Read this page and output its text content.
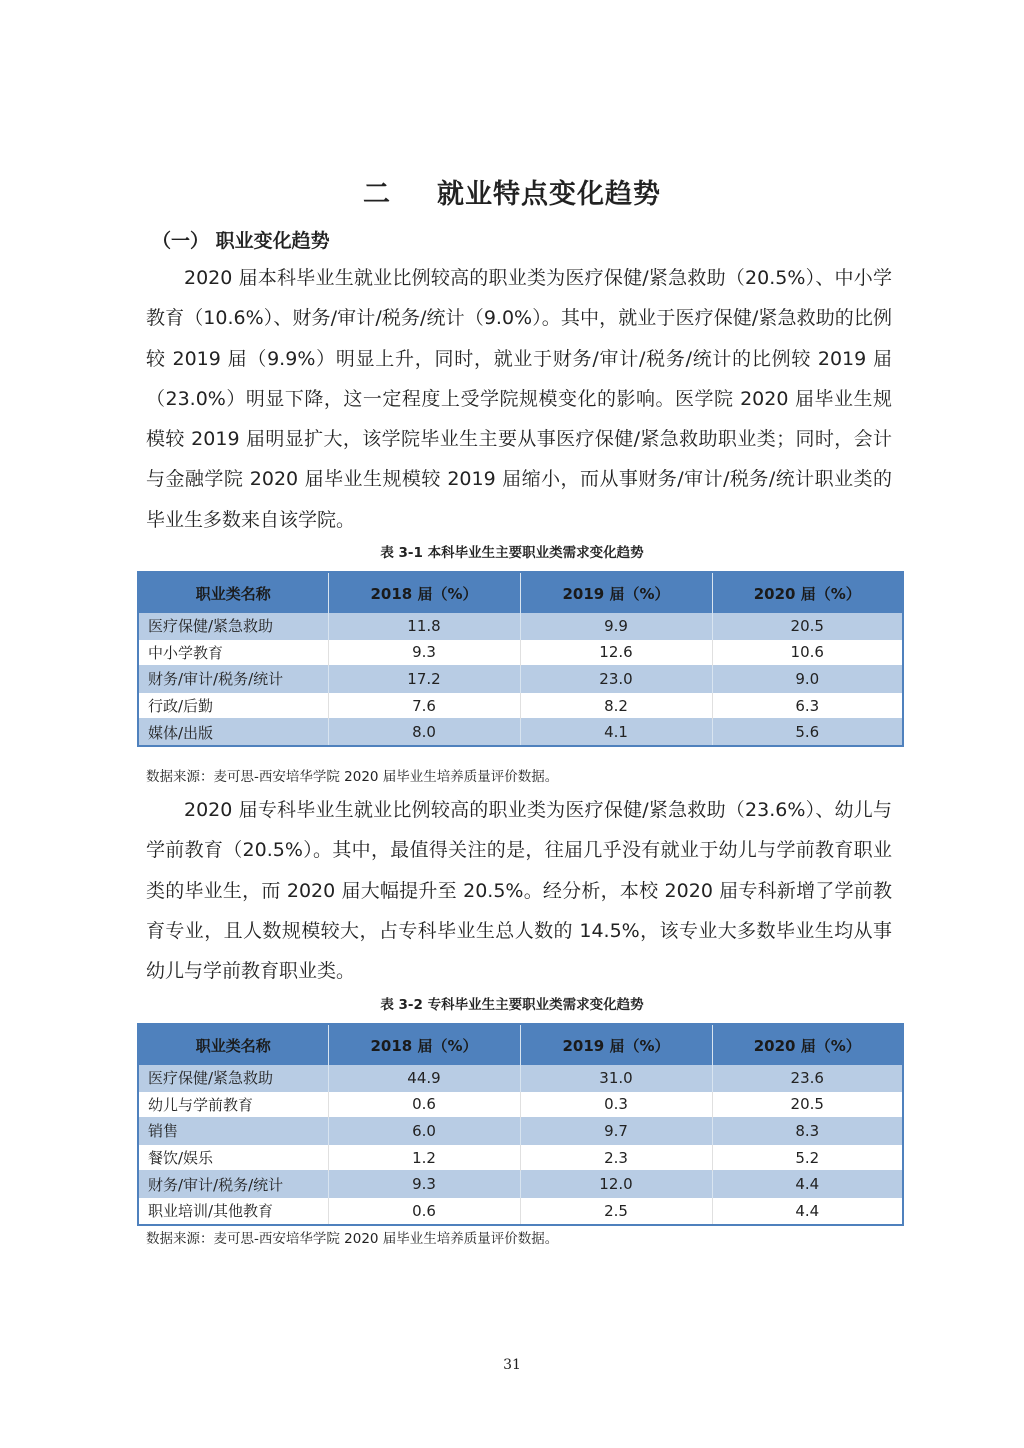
二 就业特点变化趋势
（一） 职业变化趋势

2020 届本科毕业生就业比例较高的职业类为医疗保健/紧急救助（20.5%）、中小学教育（10.6%）、财务/审计/税务/统计（9.0%）。其中，就业于医疗保健/紧急救助的比例较 2019 届（9.9%）明显上升，同时，就业于财务/审计/税务/统计的比例较 2019 届（23.0%）明显下降，这一定程度上受学院规模变化的影响。医学院 2020 届毕业生规模较 2019 届明显扩大，该学院毕业生主要从事医疗保健/紧急救助职业类；同时，会计与金融学院 2020 届毕业生规模较 2019 届缩小，而从事财务/审计/税务/统计职业类的毕业生多数来自该学院。

表 3-1 本科毕业生主要职业类需求变化趋势
职业类名称	2018 届（%）	2019 届（%）	2020 届（%）
医疗保健/紧急救助	11.8	9.9	20.5
中小学教育	9.3	12.6	10.6
财务/审计/税务/统计	17.2	23.0	9.0
行政/后勤	7.6	8.2	6.3
媒体/出版	8.0	4.1	5.6
数据来源：麦可思-西安培华学院 2020 届毕业生培养质量评价数据。

2020 届专科毕业生就业比例较高的职业类为医疗保健/紧急救助（23.6%）、幼儿与学前教育（20.5%）。其中，最值得关注的是，往届几乎没有就业于幼儿与学前教育职业类的毕业生，而 2020 届大幅提升至 20.5%。经分析，本校 2020 届专科新增了学前教育专业，且人数规模较大，占专科毕业生总人数的 14.5%，该专业大多数毕业生均从事幼儿与学前教育职业类。

表 3-2 专科毕业生主要职业类需求变化趋势
职业类名称	2018 届（%）	2019 届（%）	2020 届（%）
医疗保健/紧急救助	44.9	31.0	23.6
幼儿与学前教育	0.6	0.3	20.5
销售	6.0	9.7	8.3
餐饮/娱乐	1.2	2.3	5.2
财务/审计/税务/统计	9.3	12.0	4.4
职业培训/其他教育	0.6	2.5	4.4
数据来源：麦可思-西安培华学院 2020 届毕业生培养质量评价数据。
31
